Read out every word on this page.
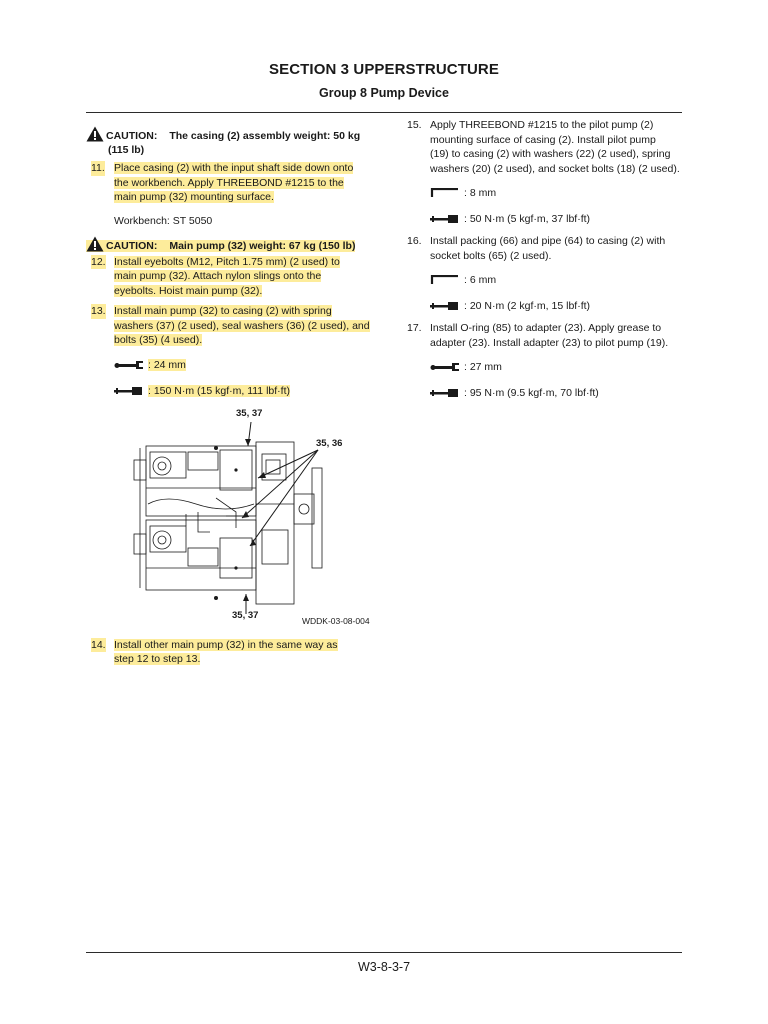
SECTION 3 UPPERSTRUCTURE
Group 8 Pump Device
CAUTION: The casing (2) assembly weight: 50 kg
(115 lb)
11. Place casing (2) with the input shaft side down onto
the workbench. Apply THREEBOND #1215 to the
main pump (32) mounting surface.
Workbench: ST 5050
CAUTION: Main pump (32) weight: 67 kg (150 lb)
12. Install eyebolts (M12, Pitch 1.75 mm) (2 used) to
main pump (32). Attach nylon slings onto the
eyebolts. Hoist main pump (32).
13. Install main pump (32) to casing (2) with spring
washers (37) (2 used), seal washers (36) (2 used), and
bolts (35) (4 used).
: 24 mm
: 150 N·m (15 kgf·m, 111 lbf·ft)
35, 37
35, 36
35, 37	WDDK-03-08-004
14. Install other main pump (32) in the same way as
step 12 to step 13.
15. Apply THREEBOND #1215 to the pilot pump (2)
mounting surface of casing (2). Install pilot pump
(19) to casing (2) with washers (22) (2 used), spring
washers (20) (2 used), and socket bolts (18) (2 used).
: 8 mm
: 50 N·m (5 kgf·m, 37 lbf·ft)
16. Install packing (66) and pipe (64) to casing (2) with
socket bolts (65) (2 used).
: 6 mm
: 20 N·m (2 kgf·m, 15 lbf·ft)
17. Install O-ring (85) to adapter (23). Apply grease to
adapter (23). Install adapter (23) to pilot pump (19).
: 27 mm
: 95 N·m (9.5 kgf·m, 70 lbf·ft)
W3-8-3-7
